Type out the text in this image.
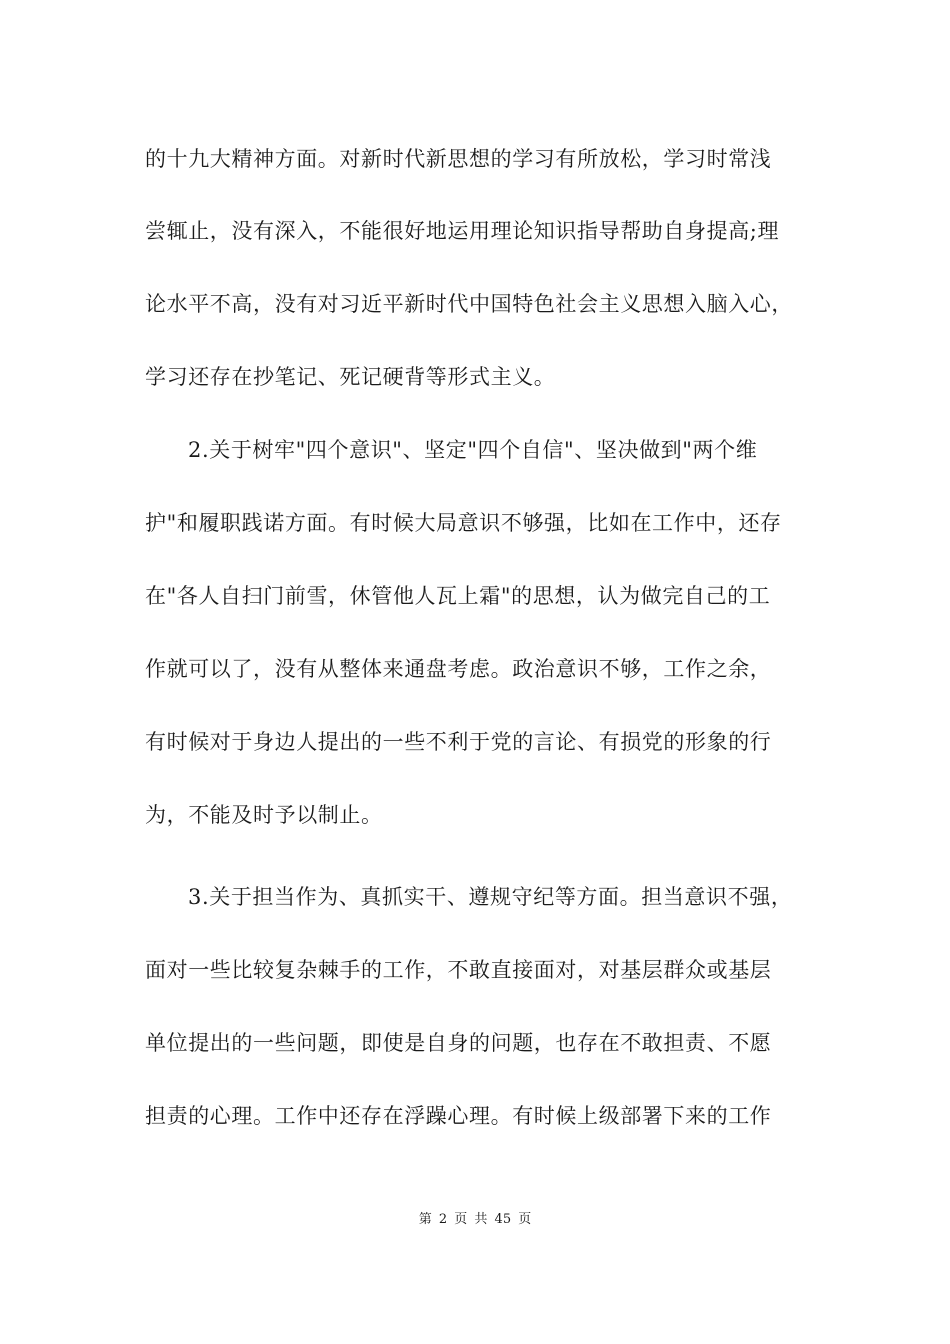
的十九大精神方面。对新时代新思想的学习有所放松，学习时常浅
尝辄止，没有深入，不能很好地运用理论知识指导帮助自身提高;理
论水平不高，没有对习近平新时代中国特色社会主义思想入脑入心，
学习还存在抄笔记、死记硬背等形式主义。
2.关于树牢"四个意识"、坚定"四个自信"、坚决做到"两个维
护"和履职践诺方面。有时候大局意识不够强，比如在工作中，还存
在"各人自扫门前雪，休管他人瓦上霜"的思想，认为做完自己的工
作就可以了，没有从整体来通盘考虑。政治意识不够，工作之余，
有时候对于身边人提出的一些不利于党的言论、有损党的形象的行
为，不能及时予以制止。
3.关于担当作为、真抓实干、遵规守纪等方面。担当意识不强，
面对一些比较复杂棘手的工作，不敢直接面对，对基层群众或基层
单位提出的一些问题，即使是自身的问题，也存在不敢担责、不愿
担责的心理。工作中还存在浮躁心理。有时候上级部署下来的工作
第 2 页 共 45 页
